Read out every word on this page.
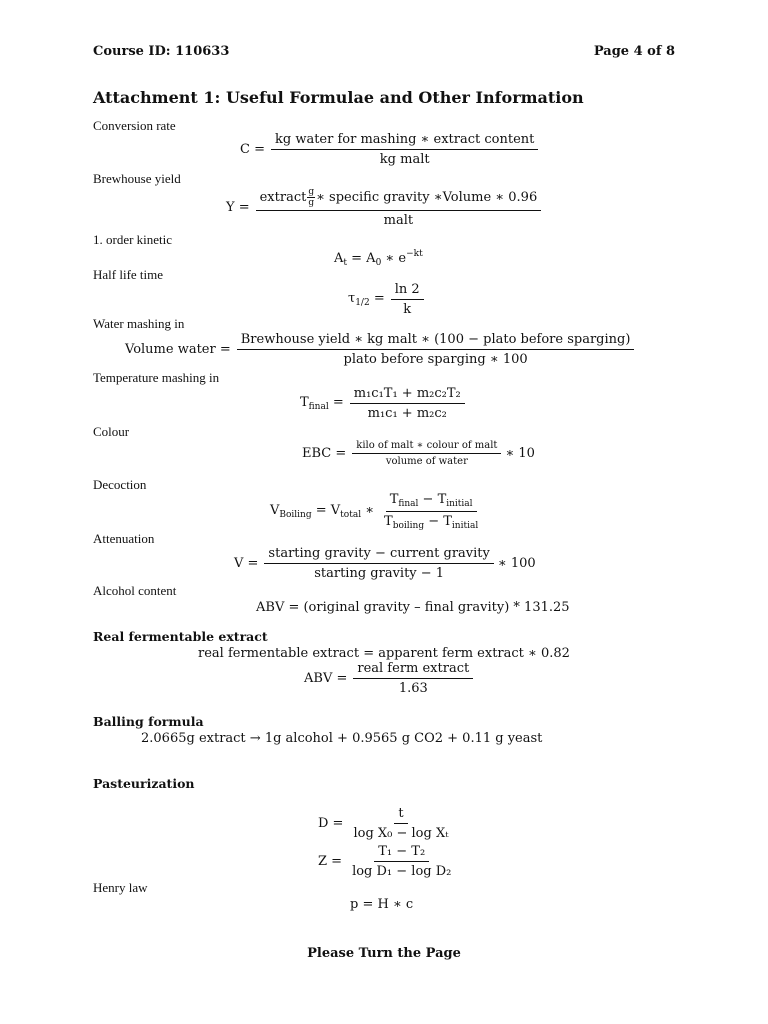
Course ID: 110633	Page 4 of 8
Attachment 1: Useful Formulae and Other Information
Conversion rate
$C = \frac{\text{kg water for mashing ∗ extract content}}{\text{kg malt}}$
Brewhouse yield
$Y = \frac{extract \frac{g}{g} ∗ specific gravity ∗Volume ∗ 0.96}{\text{malt}}$
1. order kinetic
$A_t = A_0$ ∗ $e^{-kt}$
Half life time
$\tau_{1/2} = \frac{\ln 2}{k}$
Water mashing in
Volume water = $\frac{\text{Brewhouse yield ∗ kg malt ∗ (100 − plato before sparging)}}{\text{plato before sparging ∗ 100}}$
Temperature mashing in
$T_{final} = \frac{\text{m₁c₁T₁ + m₂c₂T₂}}{\text{m₁c₁ + m₂c₂}}$
Colour
EBC = $\frac{\text{kilo of malt ∗ colour of malt}}{\text{volume of water}}$ ∗ 10
Decoction
$V_{Boiling} = V_{total}$ ∗ $\frac{T_{final} - T_{initial}}{T_{boiling} - T_{initial}}$
Attenuation
$V = \frac{\text{starting gravity − current gravity}}{\text{starting gravity − 1}}$ ∗ 100
Alcohol content
ABV = (original gravity – final gravity) * 131.25
Real fermentable extract
real fermentable extract = apparent ferm extract ∗ 0.82
ABV = $\frac{\text{real ferm extract}}{1.63}$
Balling formula
2.0665g extract → 1g alcohol + 0.9565 g CO2 + 0.11 g yeast
Pasteurization
$D = \frac{t}{\text{log X₀ − log Xₜ}}$
$Z = \frac{\text{T₁ − T₂}}{\text{log D₁ − log D₂}}$
Henry law
p = H ∗ c
Please Turn the Page
